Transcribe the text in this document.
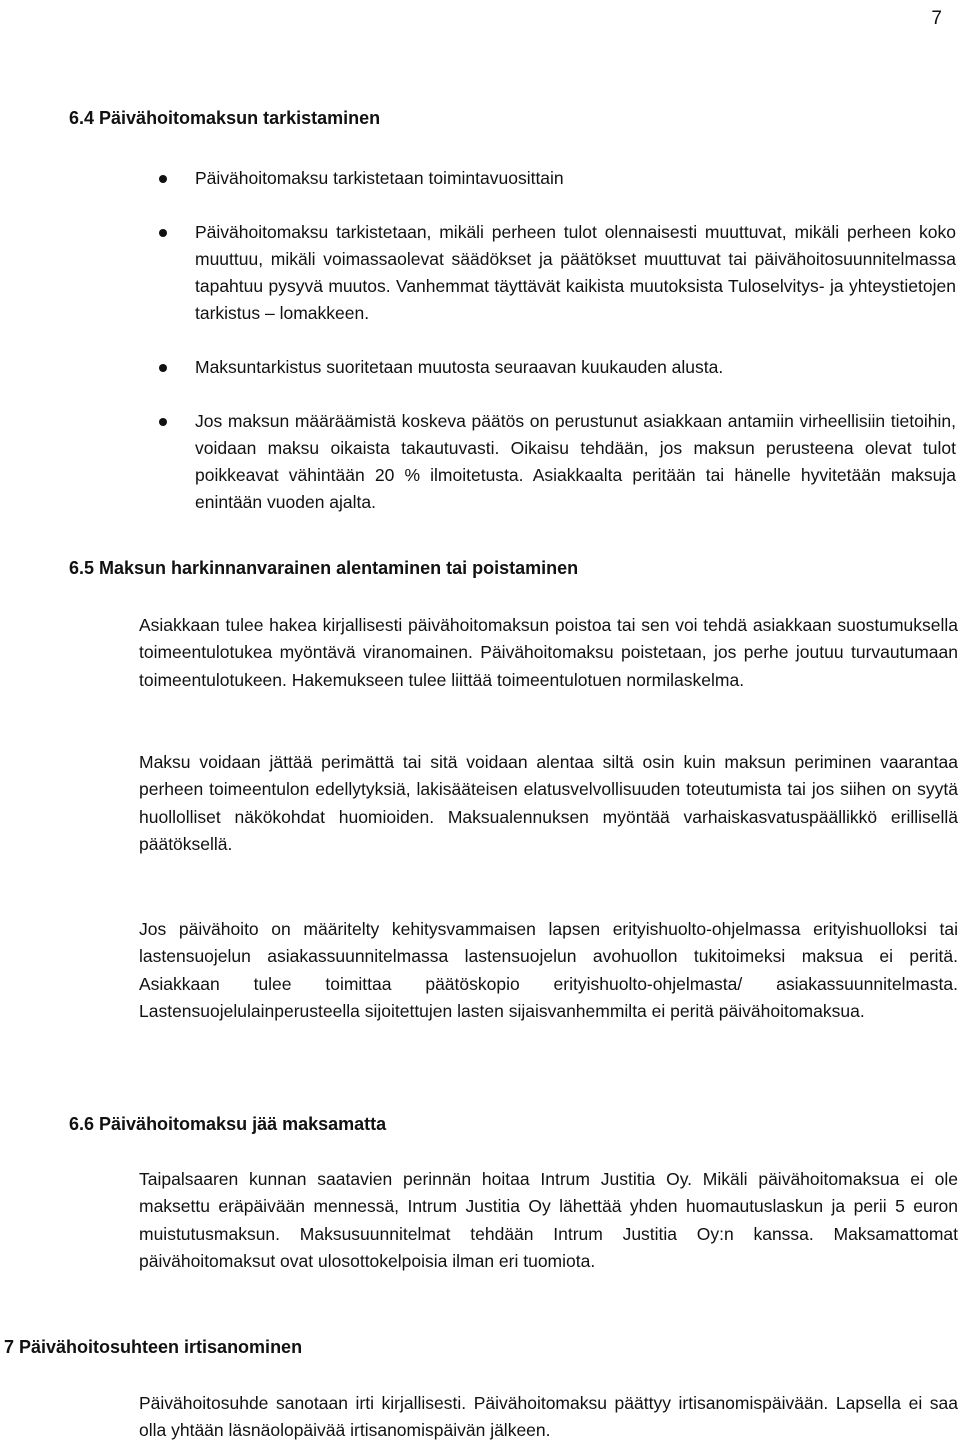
7
6.4 Päivähoitomaksun tarkistaminen
Päivähoitomaksu tarkistetaan toimintavuosittain
Päivähoitomaksu tarkistetaan, mikäli perheen tulot olennaisesti muuttuvat, mikäli perheen koko muuttuu, mikäli voimassaolevat säädökset ja päätökset muuttuvat tai päivähoitosuunnitelmassa tapahtuu pysyvä muutos. Vanhemmat täyttävät kaikista muutoksista Tuloselvitys- ja yhteystietojen tarkistus – lomakkeen.
Maksuntarkistus suoritetaan muutosta seuraavan kuukauden alusta.
Jos maksun määräämistä koskeva päätös on perustunut asiakkaan antamiin virheellisiin tietoihin, voidaan maksu oikaista takautuvasti. Oikaisu tehdään, jos maksun perusteena olevat tulot poikkeavat vähintään 20 % ilmoitetusta. Asiakkaalta peritään tai hänelle hyvitetään maksuja enintään vuoden ajalta.
6.5 Maksun harkinnanvarainen alentaminen tai poistaminen

Asiakkaan tulee hakea kirjallisesti päivähoitomaksun poistoa tai sen voi tehdä asiakkaan suostumuksella toimeentulotukea myöntävä viranomainen. Päivähoitomaksu poistetaan, jos perhe joutuu turvautumaan toimeentulotukeen. Hakemukseen tulee liittää toimeentulotuen normilaskelma.

Maksu voidaan jättää perimättä tai sitä voidaan alentaa siltä osin kuin maksun periminen vaarantaa perheen toimeentulon edellytyksiä, lakisääteisen elatusvelvollisuuden toteutumista tai jos siihen on syytä huollolliset näkökohdat huomioiden. Maksualennuksen myöntää varhaiskasvatuspäällikkö erillisellä päätöksellä.

Jos päivähoito on määritelty kehitysvammaisen lapsen erityishuolto-ohjelmassa erityishuolloksi tai lastensuojelun asiakassuunnitelmassa lastensuojelun avohuollon tukitoimeksi maksua ei peritä. Asiakkaan tulee toimittaa päätöskopio erityishuolto-ohjelmasta/ asiakassuunnitelmasta. Lastensuojelulainperusteella sijoitettujen lasten sijaisvanhemmilta ei peritä päivähoitomaksua.

6.6 Päivähoitomaksu jää maksamatta

Taipalsaaren kunnan saatavien perinnän hoitaa Intrum Justitia Oy. Mikäli päivähoitomaksua ei ole maksettu eräpäivään mennessä, Intrum Justitia Oy lähettää yhden huomautuslaskun ja perii 5 euron muistutusmaksun. Maksusuunnitelmat tehdään Intrum Justitia Oy:n kanssa. Maksamattomat päivähoitomaksut ovat ulosottokelpoisia ilman eri tuomiota.

7 Päivähoitosuhteen irtisanominen

Päivähoitosuhde sanotaan irti kirjallisesti. Päivähoitomaksu päättyy irtisanomispäivään. Lapsella ei saa olla yhtään läsnäolopäivää irtisanomispäivän jälkeen.
